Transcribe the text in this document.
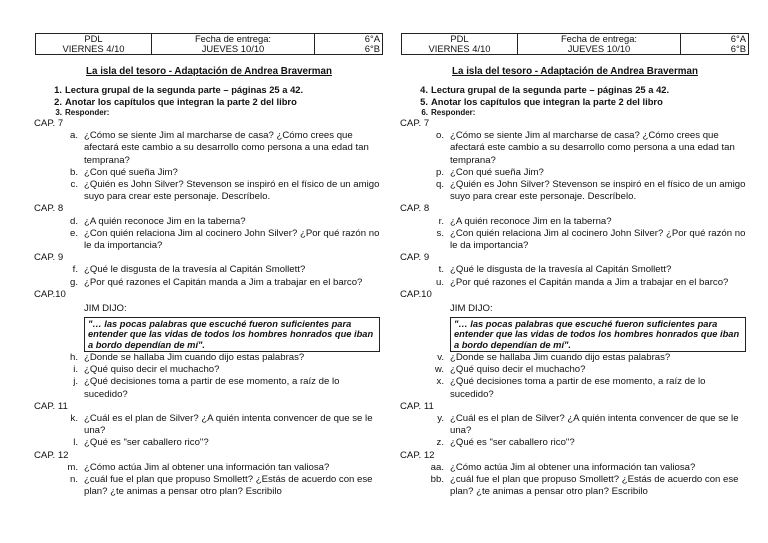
PDL
VIERNES 4/10

Fecha de entrega:
JUEVES 10/10

6°A
6°B
La isla del tesoro - Adaptación de Andrea Braverman
1. Lectura grupal de la segunda parte – páginas 25 a 42.
2. Anotar los capítulos que integran la parte 2 del libro
3. Responder:
CAP. 7
a. ¿Cómo se siente Jim al marcharse de casa? ¿Cómo crees que
afectará este cambio a su desarrollo como persona a una edad tan
temprana?
b. ¿Con qué sueña Jim?
c. ¿Quién es John Silver? Stevenson se inspiró en el físico de un amigo
suyo para crear este personaje. Descríbelo.
CAP. 8
d. ¿A quién reconoce Jim en la taberna?
e. ¿Con quién relaciona Jim al cocinero John Silver? ¿Por qué razón no
le da importancia?
CAP. 9
f. ¿Qué le disgusta de la travesía al Capitán Smollett?
g. ¿Por qué razones el Capitán manda a Jim a trabajar en el barco?
CAP.10
JIM DIJO:
"… las pocas palabras que escuché fueron suficientes para entender que las vidas de todos los hombres honrados que iban a bordo dependían de mí".
h. ¿Donde se hallaba Jim cuando dijo estas palabras?
i. ¿Qué quiso decir el muchacho?
j. ¿Qué decisiones toma a partir de ese momento, a raíz de lo
sucedido?
CAP. 11
k. ¿Cuál es el plan de Silver? ¿A quién intenta convencer de que se le
una?
l. ¿Qué es "ser caballero rico"?
CAP. 12
m. ¿Cómo actúa Jim al obtener una información tan valiosa?
n. ¿cuál fue el plan que propuso Smollett? ¿Estás de acuerdo con ese
plan? ¿te animas a pensar otro plan? Escribilo
PDL
VIERNES 4/10

Fecha de entrega:
JUEVES 10/10

6°A
6°B
La isla del tesoro - Adaptación de Andrea Braverman
4. Lectura grupal de la segunda parte – páginas 25 a 42.
5. Anotar los capítulos que integran la parte 2 del libro
6. Responder:
CAP. 7
o. ¿Cómo se siente Jim al marcharse de casa? ¿Cómo crees que
afectará este cambio a su desarrollo como persona a una edad tan
temprana?
p. ¿Con qué sueña Jim?
q. ¿Quién es John Silver? Stevenson se inspiró en el físico de un amigo
suyo para crear este personaje. Descríbelo.
CAP. 8
r. ¿A quién reconoce Jim en la taberna?
s. ¿Con quién relaciona Jim al cocinero John Silver? ¿Por qué razón no
le da importancia?
CAP. 9
t. ¿Qué le disgusta de la travesía al Capitán Smollett?
u. ¿Por qué razones el Capitán manda a Jim a trabajar en el barco?
CAP.10
JIM DIJO:
"… las pocas palabras que escuché fueron suficientes para entender que las vidas de todos los hombres honrados que iban a bordo dependían de mí".
v. ¿Donde se hallaba Jim cuando dijo estas palabras?
w. ¿Qué quiso decir el muchacho?
x. ¿Qué decisiones toma a partir de ese momento, a raíz de lo
sucedido?
CAP. 11
y. ¿Cuál es el plan de Silver? ¿A quién intenta convencer de que se le
una?
z. ¿Qué es "ser caballero rico"?
CAP. 12
aa. ¿Cómo actúa Jim al obtener una información tan valiosa?
bb. ¿cuál fue el plan que propuso Smollett? ¿Estás de acuerdo con ese
plan? ¿te animas a pensar otro plan? Escribilo
